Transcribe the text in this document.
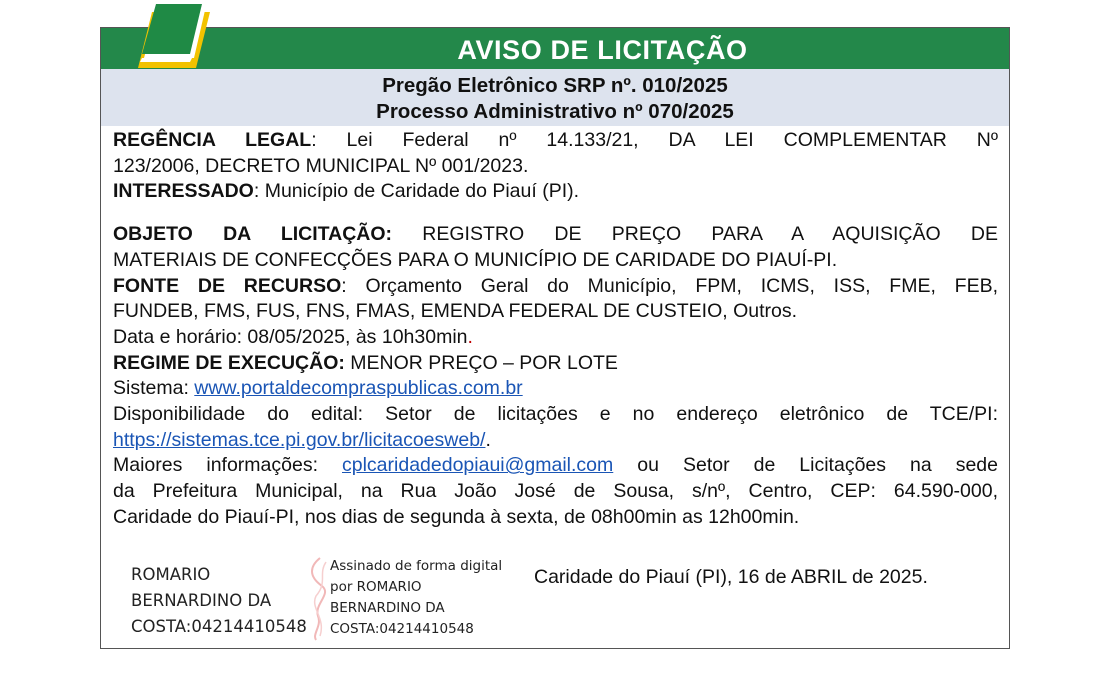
AVISO DE LICITAÇÃO
Pregão Eletrônico SRP nº. 010/2025
Processo Administrativo nº 070/2025

REGÊNCIA LEGAL: Lei Federal nº 14.133/21, DA LEI COMPLEMENTAR Nº

123/2006, DECRETO MUNICIPAL Nº 001/2023.

INTERESSADO: Município de Caridade do Piauí (PI).

OBJETO DA LICITAÇÃO: REGISTRO DE PREÇO PARA A AQUISIÇÃO DE

MATERIAIS DE CONFECÇÕES PARA O MUNICÍPIO DE CARIDADE DO PIAUÍ-PI.

FONTE DE RECURSO: Orçamento Geral do Município, FPM, ICMS, ISS, FME, FEB,

FUNDEB, FMS, FUS, FNS, FMAS, EMENDA FEDERAL DE CUSTEIO, Outros.

Data e horário: 08/05/2025, às 10h30min.

REGIME DE EXECUÇÃO: MENOR PREÇO – POR LOTE

Sistema: www.portaldecompraspublicas.com.br

Disponibilidade do edital: Setor de licitações e no endereço eletrônico de TCE/PI:

https://sistemas.tce.pi.gov.br/licitacoesweb/.

Maiores informações: cplcaridadedopiaui@gmail.com ou Setor de Licitações na sede

da Prefeitura Municipal, na Rua João José de Sousa, s/nº, Centro, CEP: 64.590-000,

Caridade do Piauí-PI, nos dias de segunda à sexta, de 08h00min as 12h00min.

ROMARIO
BERNARDINO DA
COSTA:04214410548
Assinado de forma digital
por ROMARIO
BERNARDINO DA
COSTA:04214410548
Caridade do Piauí (PI), 16 de ABRIL de 2025.
